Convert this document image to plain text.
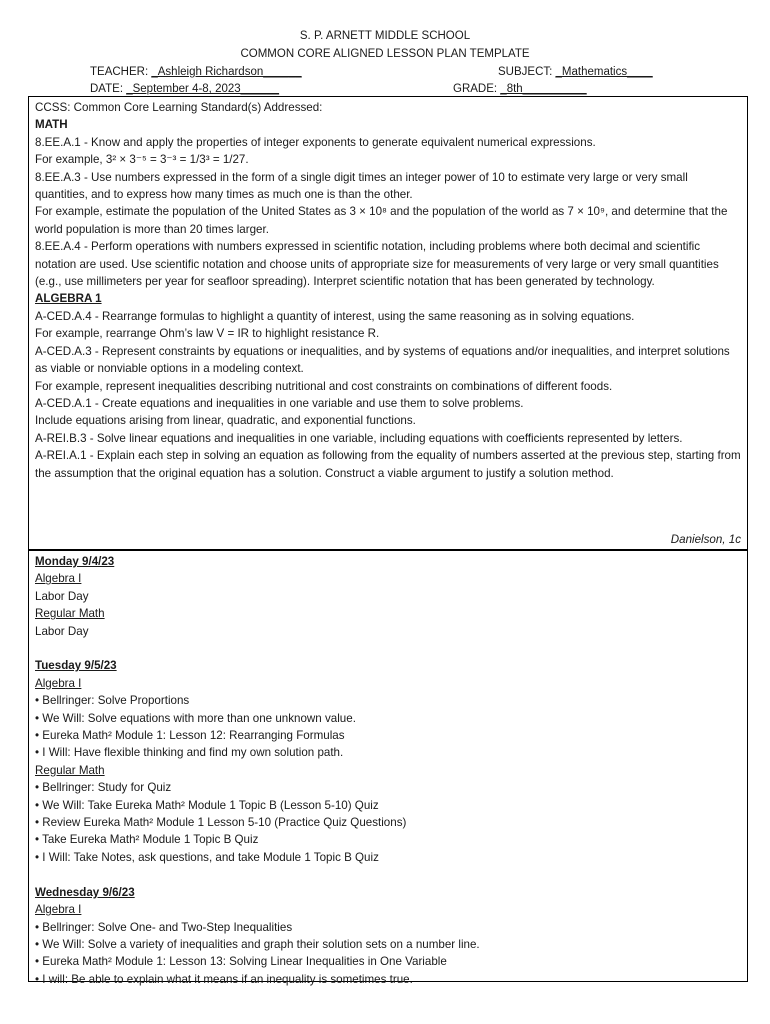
S. P. ARNETT MIDDLE SCHOOL
COMMON CORE ALIGNED LESSON PLAN TEMPLATE
TEACHER: _Ashleigh Richardson______	SUBJECT: _Mathematics____
DATE: _September 4-8, 2023______	GRADE: _8th__________
CCSS: Common Core Learning Standard(s) Addressed:
MATH
8.EE.A.1 - Know and apply the properties of integer exponents to generate equivalent numerical expressions.
For example, 3² × 3⁻⁵ = 3⁻³ = 1/3³ = 1/27.
8.EE.A.3 - Use numbers expressed in the form of a single digit times an integer power of 10 to estimate very large or very small quantities, and to express how many times as much one is than the other.
For example, estimate the population of the United States as 3 × 10⁸ and the population of the world as 7 × 10⁹, and determine that the world population is more than 20 times larger.
8.EE.A.4 - Perform operations with numbers expressed in scientific notation, including problems where both decimal and scientific notation are used. Use scientific notation and choose units of appropriate size for measurements of very large or very small quantities (e.g., use millimeters per year for seafloor spreading). Interpret scientific notation that has been generated by technology.
ALGEBRA 1
A-CED.A.4 - Rearrange formulas to highlight a quantity of interest, using the same reasoning as in solving equations.
For example, rearrange Ohm’s law V = IR to highlight resistance R.
A-CED.A.3 - Represent constraints by equations or inequalities, and by systems of equations and/or inequalities, and interpret solutions as viable or nonviable options in a modeling context.
For example, represent inequalities describing nutritional and cost constraints on combinations of different foods.
A-CED.A.1 - Create equations and inequalities in one variable and use them to solve problems.
Include equations arising from linear, quadratic, and exponential functions.
A-REI.B.3 - Solve linear equations and inequalities in one variable, including equations with coefficients represented by letters.
A-REI.A.1 - Explain each step in solving an equation as following from the equality of numbers asserted at the previous step, starting from the assumption that the original equation has a solution. Construct a viable argument to justify a solution method.
Danielson, 1c
Monday 9/4/23
Algebra I
Labor Day
Regular Math
Labor Day
Tuesday 9/5/23
Algebra I
• Bellringer: Solve Proportions
• We Will: Solve equations with more than one unknown value.
• Eureka Math² Module 1: Lesson 12: Rearranging Formulas
• I Will: Have flexible thinking and find my own solution path.
Regular Math
• Bellringer: Study for Quiz
• We Will: Take Eureka Math² Module 1 Topic B (Lesson 5-10) Quiz
• Review Eureka Math² Module 1 Lesson 5-10 (Practice Quiz Questions)
• Take Eureka Math² Module 1 Topic B Quiz
• I Will: Take Notes, ask questions, and take Module 1 Topic B Quiz
Wednesday 9/6/23
Algebra I
• Bellringer: Solve One- and Two-Step Inequalities
• We Will: Solve a variety of inequalities and graph their solution sets on a number line.
• Eureka Math² Module 1: Lesson 13: Solving Linear Inequalities in One Variable
• I will: Be able to explain what it means if an inequality is sometimes true.
